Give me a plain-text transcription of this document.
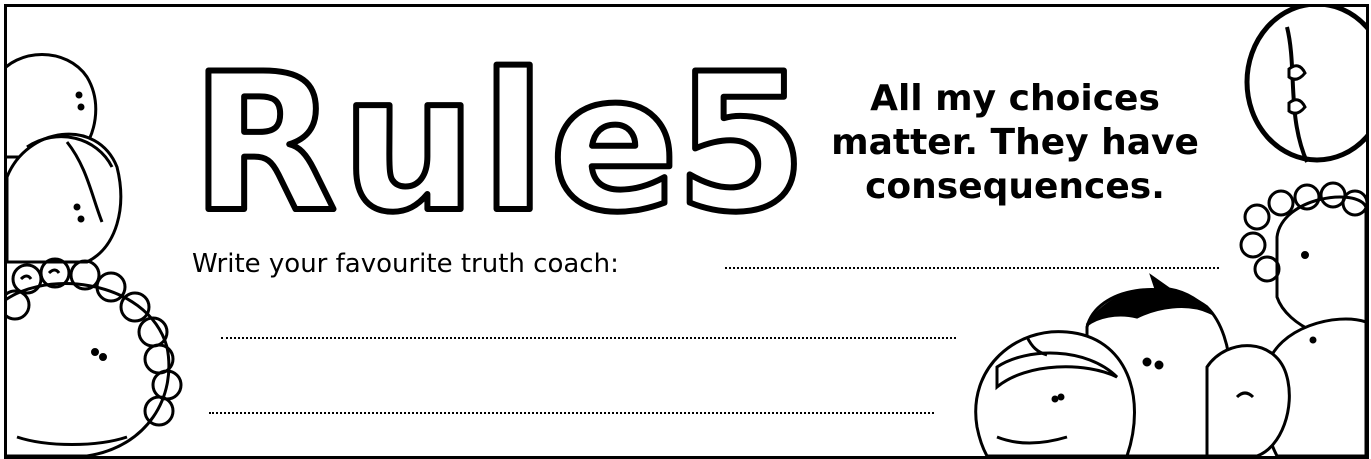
Rule
5	All my choices
matter. They have
consequences.
Write your favourite truth coach:
